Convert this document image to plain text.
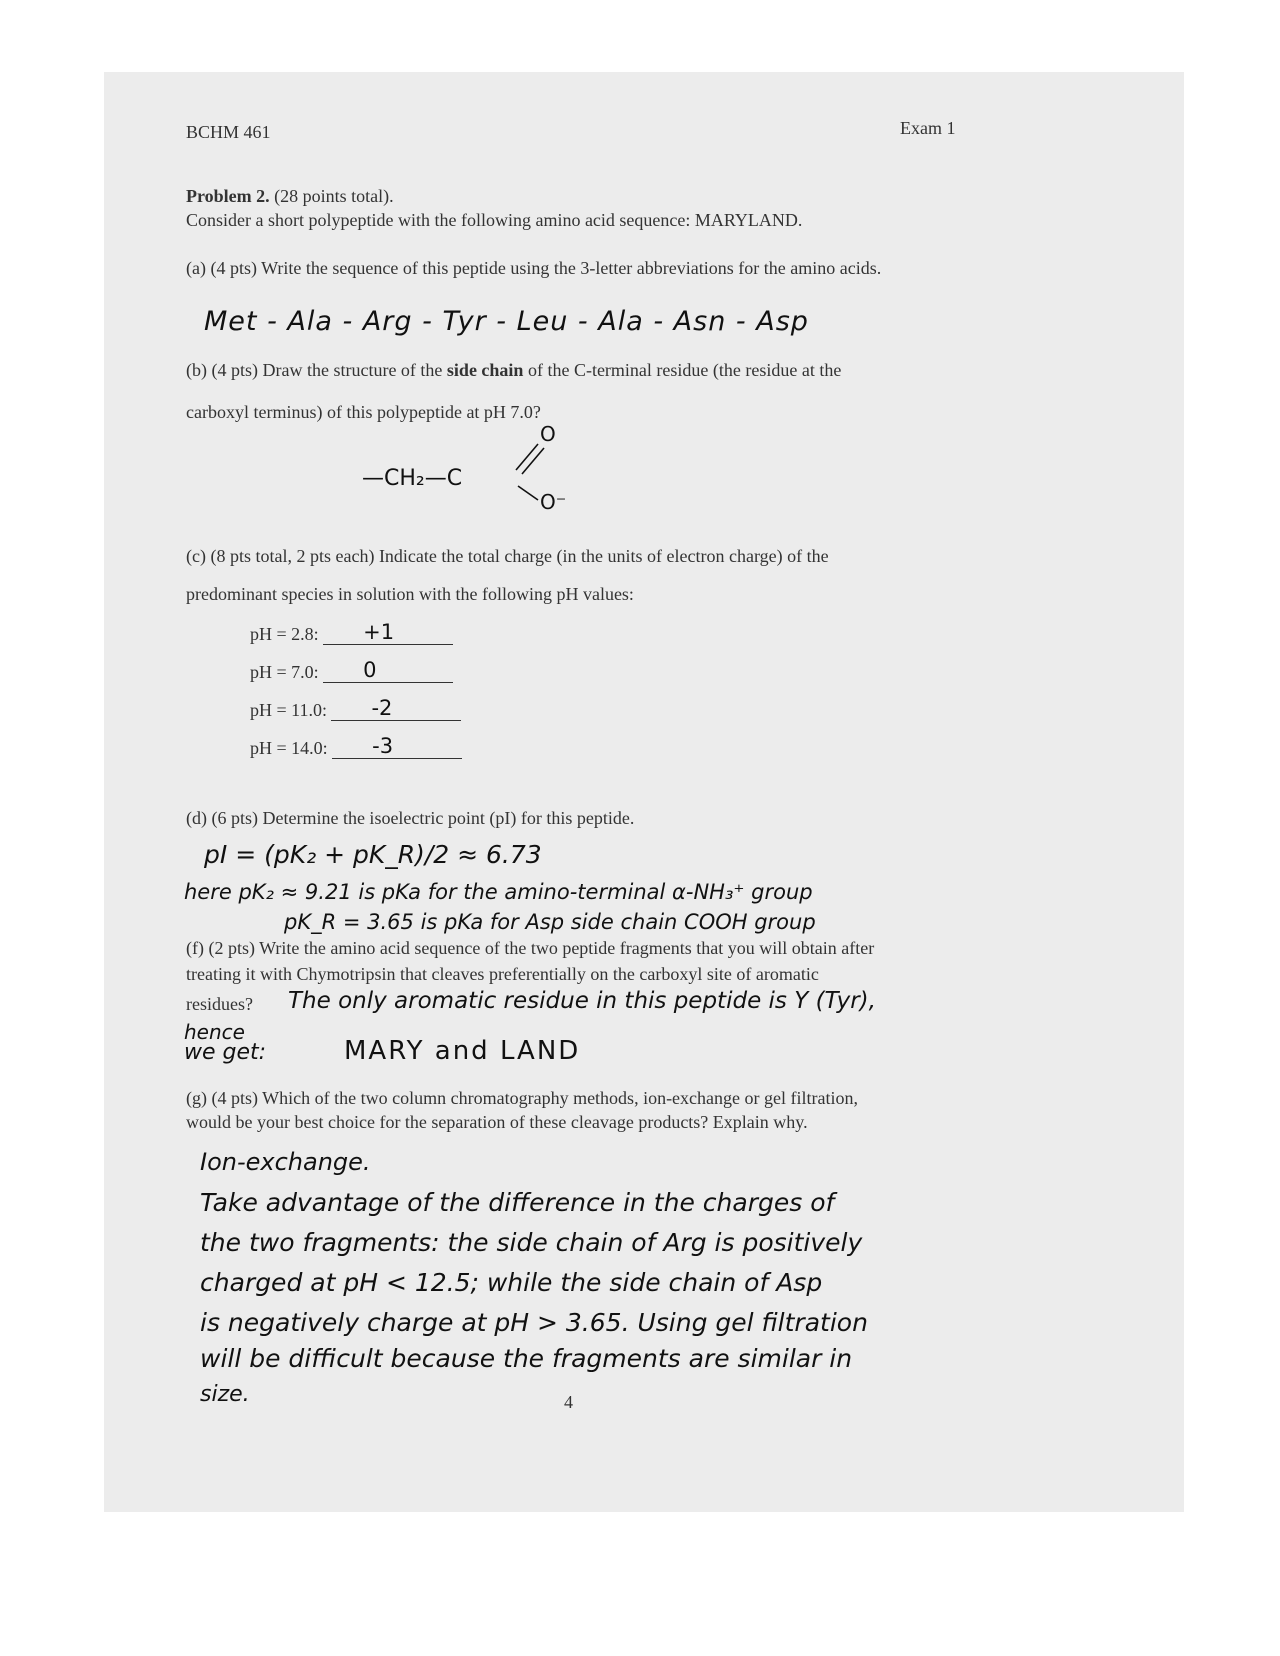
BCHM 461	Exam 1
Problem 2. (28 points total).
Consider a short polypeptide with the following amino acid sequence: MARYLAND.
(a) (4 pts) Write the sequence of this peptide using the 3-letter abbreviations for the amino acids.
Met - Ala - Arg - Tyr - Leu - Ala - Asn - Asp
(b) (4 pts) Draw the structure of the side chain of the C-terminal residue (the residue at the
carboxyl terminus) of this polypeptide at pH 7.0?
—CH₂—C
O
O⁻
(c) (8 pts total, 2 pts each) Indicate the total charge (in the units of electron charge) of the
predominant species in solution with the following pH values:
pH = 2.8: +1
pH = 7.0: 0
pH = 11.0: -2
pH = 14.0: -3
(d) (6 pts) Determine the isoelectric point (pI) for this peptide.
pI = (pK₂ + pK_R)/2 ≈ 6.73
here pK₂ ≈ 9.21 is pKa for the amino-terminal α-NH₃⁺ group
pK_R = 3.65 is pKa for Asp side chain COOH group
(f) (2 pts) Write the amino acid sequence of the two peptide fragments that you will obtain after
treating it with Chymotripsin that cleaves preferentially on the carboxyl site of aromatic
residues? The only aromatic residue in this peptide is Y (Tyr),
hence
we get:	MARY and LAND
(g) (4 pts) Which of the two column chromatography methods, ion-exchange or gel filtration,
would be your best choice for the separation of these cleavage products? Explain why.
Ion-exchange.
Take advantage of the difference in the charges of
the two fragments: the side chain of Arg is positively
charged at pH < 12.5; while the side chain of Asp
is negatively charge at pH > 3.65. Using gel filtration
will be difficult because the fragments are similar in
size.	4
